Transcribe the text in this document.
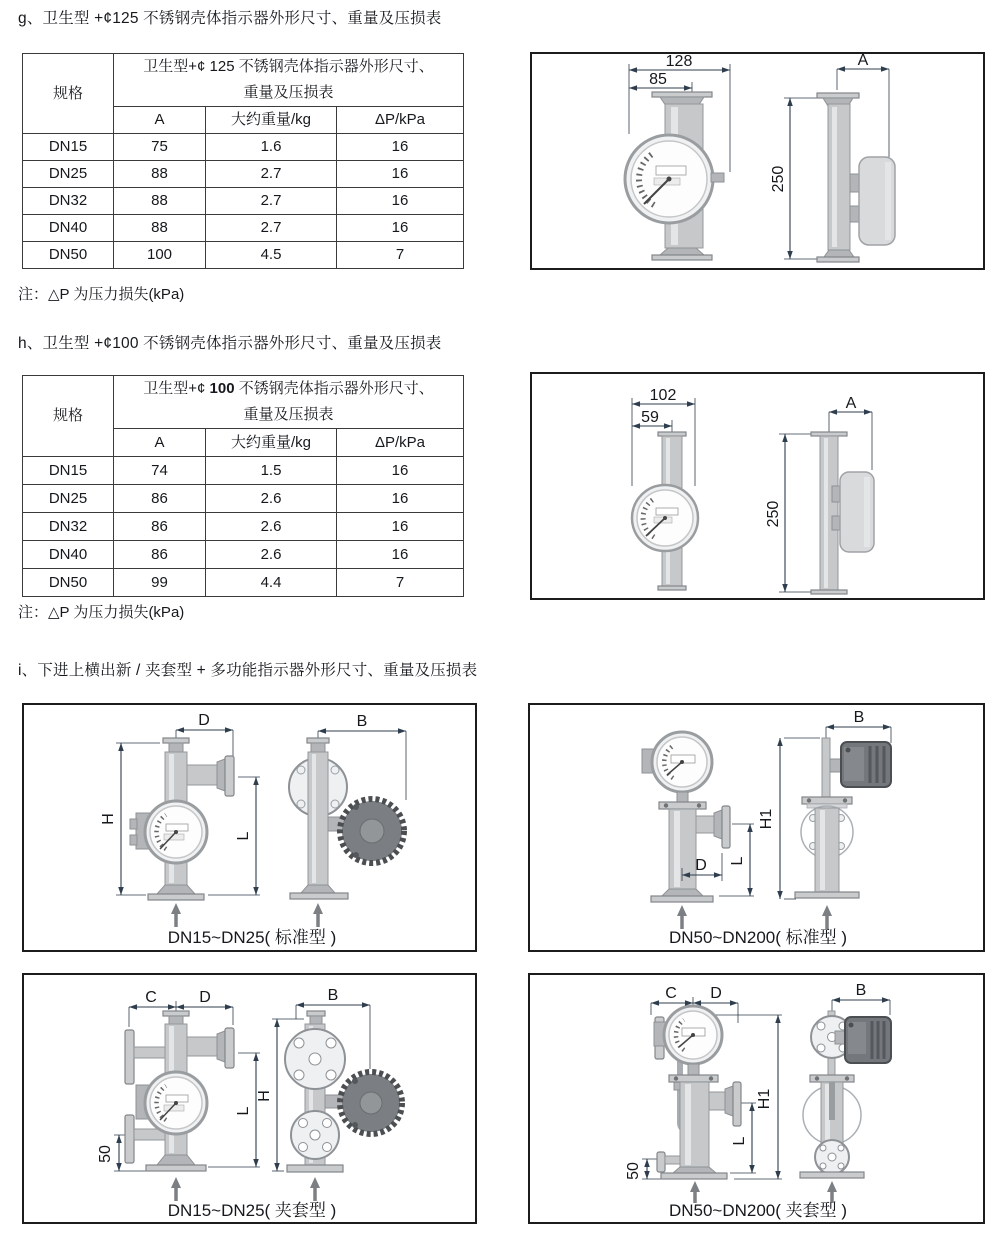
g、卫生型 +¢125 不锈钢壳体指示器外形尺寸、重量及压损表
规格	卫生型+¢ 125 不锈钢壳体指示器外形尺寸、
重量及压损表		

	A	大约重量/kg	ΔP/kPa
DN15	75	1.6	16
DN25	88	2.7	16
DN32	88	2.7	16
DN40	88	2.7	16
DN50	100	4.5	7
注：△P 为压力损失(kPa)
128
85
A
250
h、卫生型 +¢100 不锈钢壳体指示器外形尺寸、重量及压损表
规格	卫生型+¢ 100 不锈钢壳体指示器外形尺寸、
重量及压损表		

	A	大约重量/kg	ΔP/kPa
DN15	74	1.5	16
DN25	86	2.6	16
DN32	86	2.6	16
DN40	86	2.6	16
DN50	99	4.4	7
注：△P 为压力损失(kPa)
102
59
A
250
i、下进上横出新 / 夹套型 + 多功能指示器外形尺寸、重量及压损表
D
H
L
B
DN15~DN25( 标准型 )
D L
B
H1
DN50~DN200( 标准型 )
C	D
L
50
B
H
DN15~DN25( 夹套型 )
C D
H1
L
50
B
DN50~DN200( 夹套型 )
